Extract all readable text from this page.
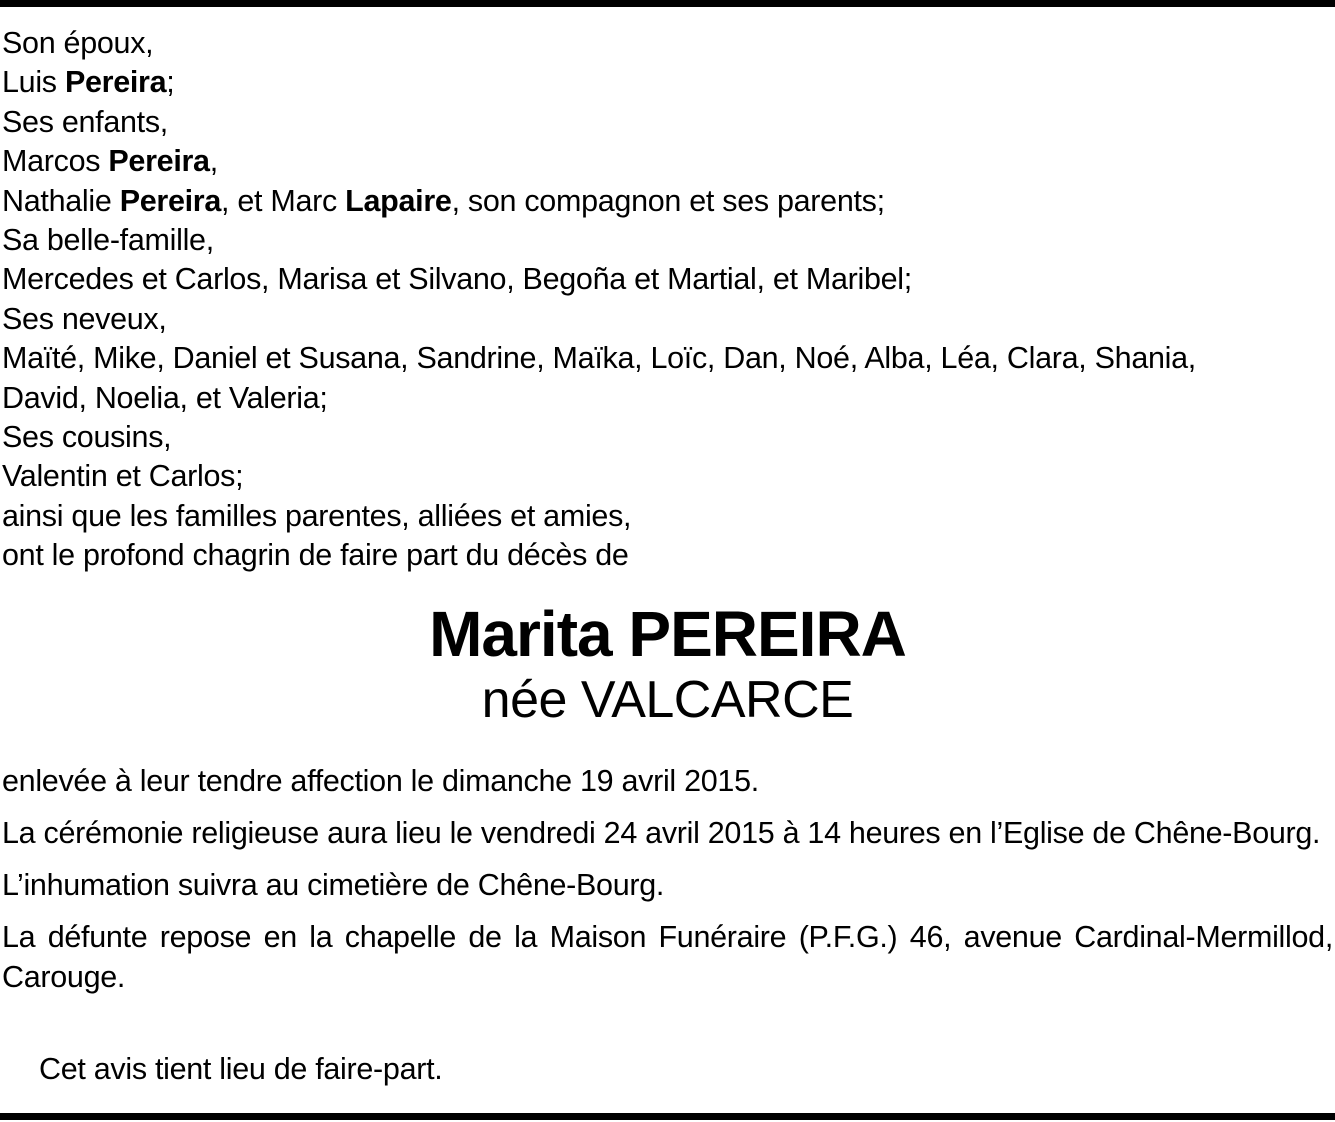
Son époux,
Luis Pereira;
Ses enfants,
Marcos Pereira,
Nathalie Pereira, et Marc Lapaire, son compagnon et ses parents;
Sa belle-famille,
Mercedes et Carlos, Marisa et Silvano, Begoña et Martial, et Maribel;
Ses neveux,
Maïté, Mike, Daniel et Susana, Sandrine, Maïka, Loïc, Dan, Noé, Alba, Léa, Clara, Shania,
David, Noelia, et Valeria;
Ses cousins,
Valentin et Carlos;
ainsi que les familles parentes, alliées et amies,
ont le profond chagrin de faire part du décès de
Marita PEREIRA
née VALCARCE

enlevée à leur tendre affection le dimanche 19 avril 2015.

La cérémonie religieuse aura lieu le vendredi 24 avril 2015 à 14 heures en l’Eglise de Chêne-Bourg.

L’inhumation suivra au cimetière de Chêne-Bourg.

La défunte repose en la chapelle de la Maison Funéraire (P.F.G.) 46, avenue Cardinal-Mermillod, Carouge.

Cet avis tient lieu de faire-part.
